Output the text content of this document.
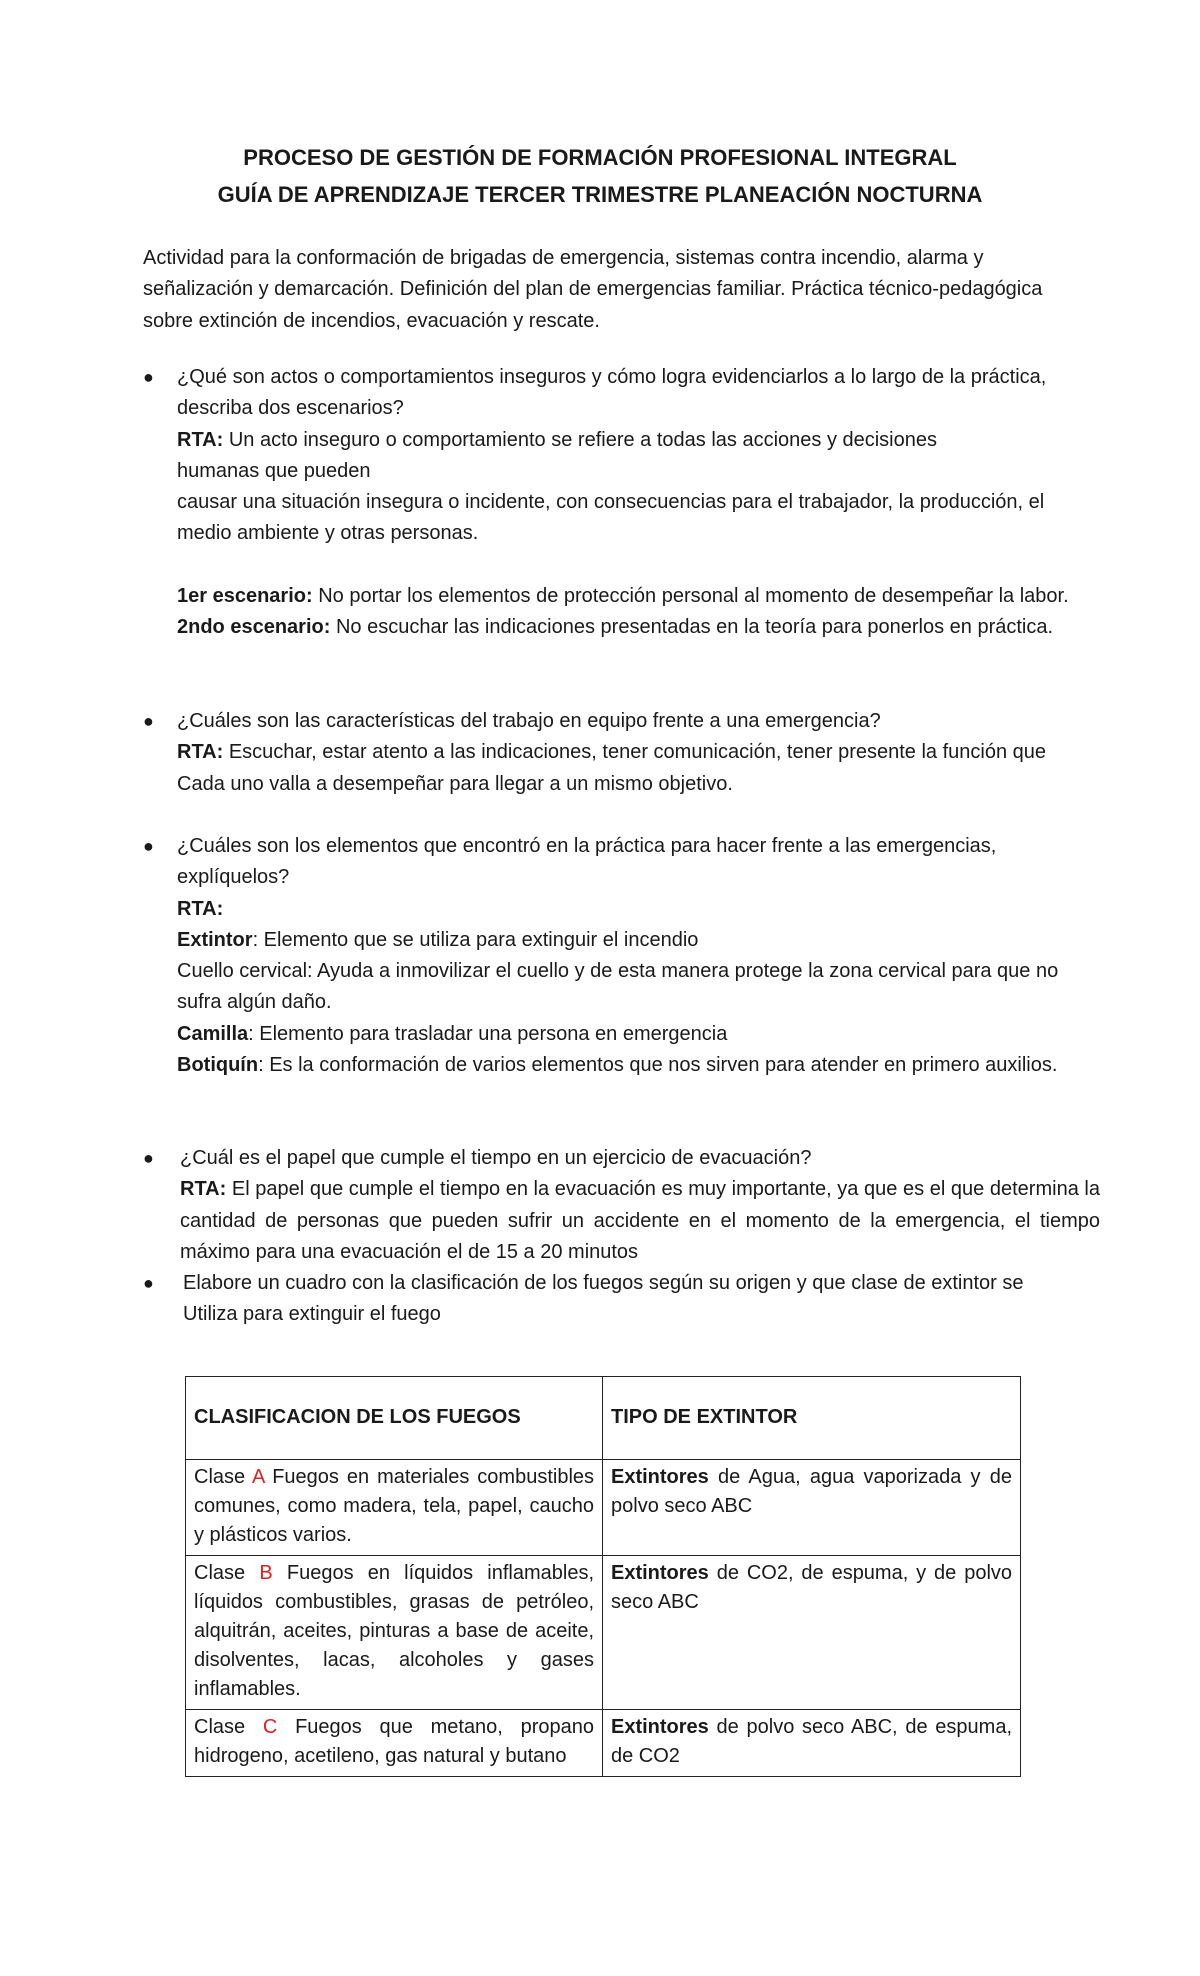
PROCESO DE GESTIÓN DE FORMACIÓN PROFESIONAL INTEGRAL
GUÍA DE APRENDIZAJE TERCER TRIMESTRE PLANEACIÓN NOCTURNA
Actividad para la conformación de brigadas de emergencia, sistemas contra incendio, alarma y señalización y demarcación. Definición del plan de emergencias familiar. Práctica técnico-pedagógica sobre extinción de incendios, evacuación y rescate.
● ¿Qué son actos o comportamientos inseguros y cómo logra evidenciarlos a lo largo de la práctica, describa dos escenarios?
RTA: Un acto inseguro o comportamiento se refiere a todas las acciones y decisiones
humanas que pueden
causar una situación insegura o incidente, con consecuencias para el trabajador, la producción, el medio ambiente y otras personas.
1er escenario: No portar los elementos de protección personal al momento de desempeñar la labor.
2ndo escenario: No escuchar las indicaciones presentadas en la teoría para ponerlos en práctica.
● ¿Cuáles son las características del trabajo en equipo frente a una emergencia?
RTA: Escuchar, estar atento a las indicaciones, tener comunicación, tener presente la función que Cada uno valla a desempeñar para llegar a un mismo objetivo.
● ¿Cuáles son los elementos que encontró en la práctica para hacer frente a las emergencias, explíquelos?
RTA:
Extintor: Elemento que se utiliza para extinguir el incendio
Cuello cervical: Ayuda a inmovilizar el cuello y de esta manera protege la zona cervical para que no sufra algún daño.
Camilla: Elemento para trasladar una persona en emergencia
Botiquín: Es la conformación de varios elementos que nos sirven para atender en primero auxilios.
● ¿Cuál es el papel que cumple el tiempo en un ejercicio de evacuación?
RTA: El papel que cumple el tiempo en la evacuación es muy importante, ya que es el que determina la cantidad de personas que pueden sufrir un accidente en el momento de la emergencia, el tiempo máximo para una evacuación el de 15 a 20 minutos
● Elabore un cuadro con la clasificación de los fuegos según su origen y que clase de extintor se
Utiliza para extinguir el fuego
CLASIFICACION DE LOS FUEGOS	TIPO DE EXTINTOR
Clase A Fuegos en materiales combustibles comunes, como madera, tela, papel, caucho y plásticos varios.	Extintores de Agua, agua vaporizada y de polvo seco ABC
Clase B Fuegos en líquidos inflamables, líquidos combustibles, grasas de petróleo, alquitrán, aceites, pinturas a base de aceite, disolventes, lacas, alcoholes y gases inflamables.	Extintores de CO2, de espuma, y de polvo seco ABC
Clase C Fuegos que metano, propano hidrogeno, acetileno, gas natural y butano	Extintores de polvo seco ABC, de espuma, de CO2
